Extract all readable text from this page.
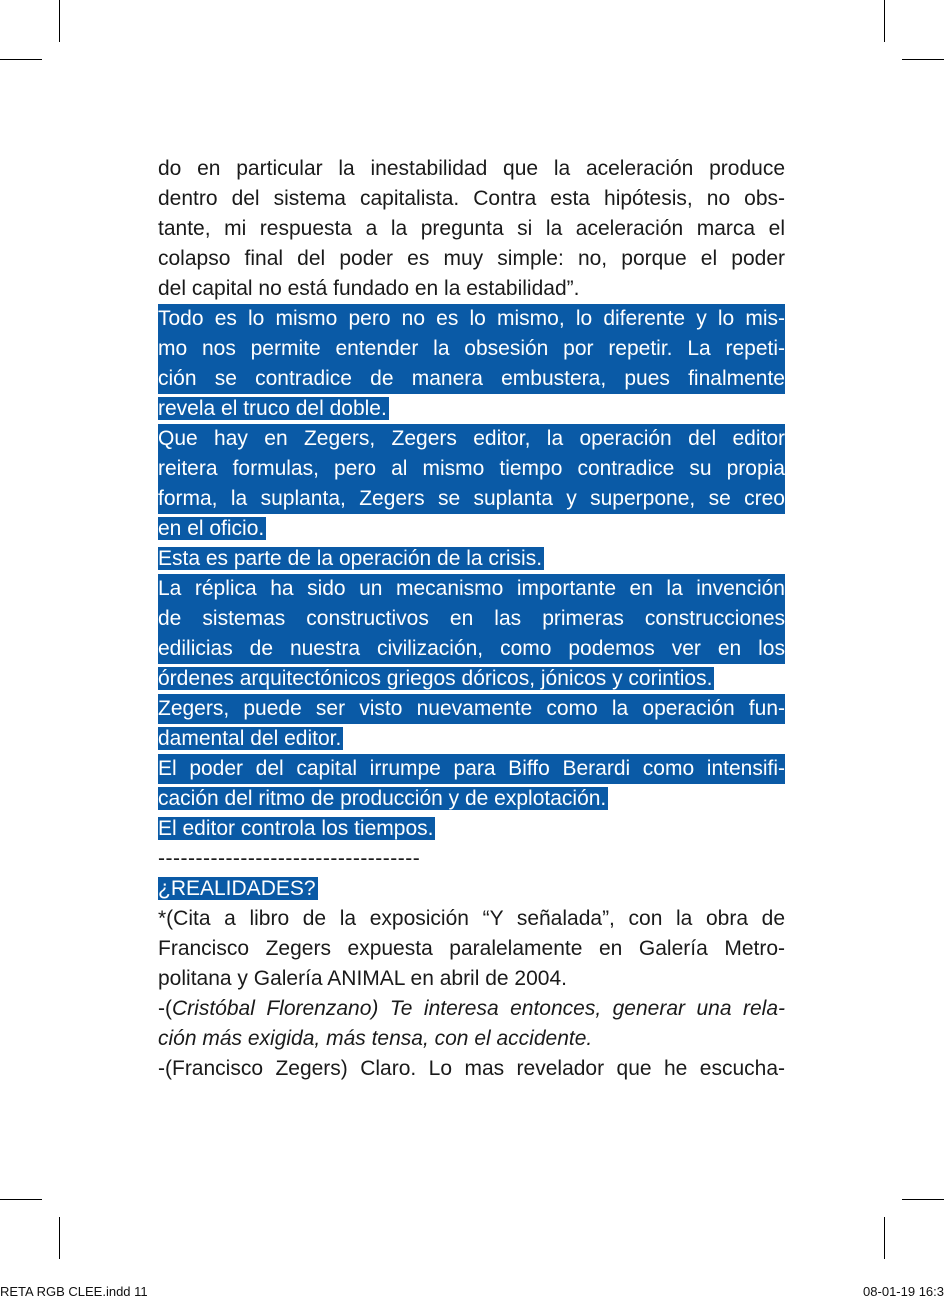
do en particular la inestabilidad que la aceleración produce
dentro del sistema capitalista. Contra esta hipótesis, no obs-
tante, mi respuesta a la pregunta si la aceleración marca el
colapso final del poder es muy simple: no, porque el poder
del capital no está fundado en la estabilidad”.
Todo es lo mismo pero no es lo mismo, lo diferente y lo mis-
mo nos permite entender la obsesión por repetir. La repeti-
ción se contradice de manera embustera, pues finalmente
revela el truco del doble.
Que hay en Zegers, Zegers editor, la operación del editor
reitera formulas, pero al mismo tiempo contradice su propia
forma, la suplanta, Zegers se suplanta y superpone, se creo
en el oficio.
Esta es parte de la operación de la crisis.
La réplica ha sido un mecanismo importante en la invención
de sistemas constructivos en las primeras construcciones
edilicias de nuestra civilización, como podemos ver en los
órdenes arquitectónicos griegos dóricos, jónicos y corintios.
Zegers, puede ser visto nuevamente como la operación fun-
damental del editor.
El poder del capital irrumpe para Biffo Berardi como intensifi-
cación del ritmo de producción y de explotación.
El editor controla los tiempos.
-----------------------------------
¿REALIDADES?
*(Cita a libro de la exposición “Y señalada”, con la obra de
Francisco Zegers expuesta paralelamente en Galería Metro-
politana y Galería ANIMAL en abril de 2004.
-(Cristóbal Florenzano) Te interesa entonces, generar una rela-
ción más exigida, más tensa, con el accidente.
-(Francisco Zegers) Claro. Lo mas revelador que he escucha-
RETA RGB CLEE.indd 11	08-01-19 16:3
